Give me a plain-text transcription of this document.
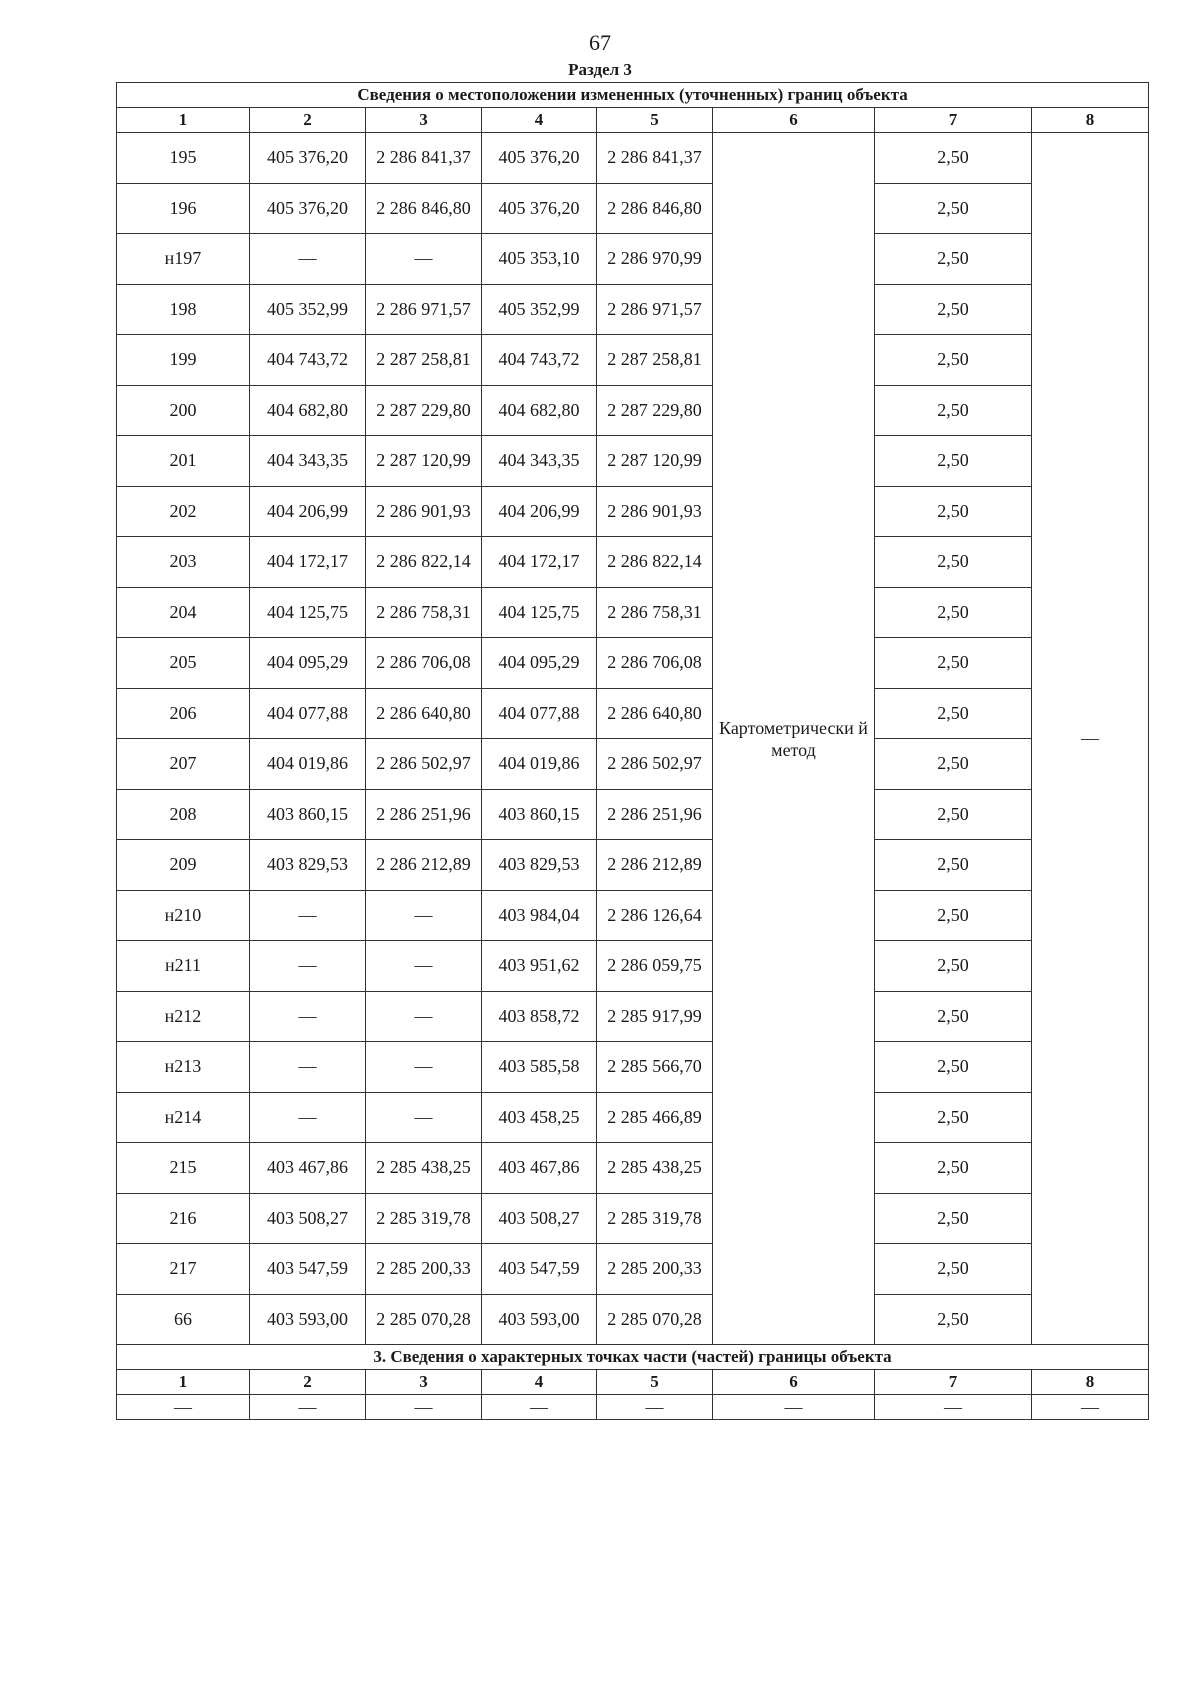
67
Раздел 3
Сведения о местоположении измененных (уточненных) границ объекта							
1	2	3	4	5	6	7	8
195	405 376,20	2 286 841,37	405 376,20	2 286 841,37	Картометрически й метод	2,50	—
196	405 376,20	2 286 846,80	405 376,20	2 286 846,80		2,50	
н197	—	—	405 353,10	2 286 970,99		2,50	
198	405 352,99	2 286 971,57	405 352,99	2 286 971,57		2,50	
199	404 743,72	2 287 258,81	404 743,72	2 287 258,81		2,50	
200	404 682,80	2 287 229,80	404 682,80	2 287 229,80		2,50	
201	404 343,35	2 287 120,99	404 343,35	2 287 120,99		2,50	
202	404 206,99	2 286 901,93	404 206,99	2 286 901,93		2,50	
203	404 172,17	2 286 822,14	404 172,17	2 286 822,14		2,50	
204	404 125,75	2 286 758,31	404 125,75	2 286 758,31		2,50	
205	404 095,29	2 286 706,08	404 095,29	2 286 706,08		2,50	
206	404 077,88	2 286 640,80	404 077,88	2 286 640,80		2,50	
207	404 019,86	2 286 502,97	404 019,86	2 286 502,97		2,50	
208	403 860,15	2 286 251,96	403 860,15	2 286 251,96		2,50	
209	403 829,53	2 286 212,89	403 829,53	2 286 212,89		2,50	
н210	—	—	403 984,04	2 286 126,64		2,50	
н211	—	—	403 951,62	2 286 059,75		2,50	
н212	—	—	403 858,72	2 285 917,99		2,50	
н213	—	—	403 585,58	2 285 566,70		2,50	
н214	—	—	403 458,25	2 285 466,89		2,50	
215	403 467,86	2 285 438,25	403 467,86	2 285 438,25		2,50	
216	403 508,27	2 285 319,78	403 508,27	2 285 319,78		2,50	
217	403 547,59	2 285 200,33	403 547,59	2 285 200,33		2,50	
66	403 593,00	2 285 070,28	403 593,00	2 285 070,28		2,50	
3. Сведения о характерных точках части (частей) границы объекта							
1	2	3	4	5	6	7	8
—	—	—	—	—	—	—	—
